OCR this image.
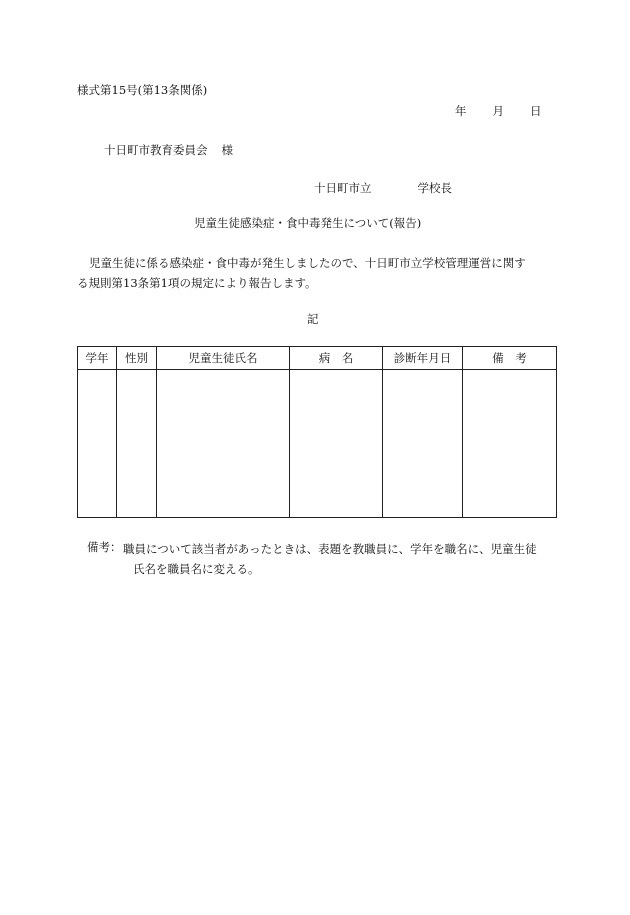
様式第15号(第13条関係)
年 月 日
十日町市教育委員会 様
十日町市立	学校長
児童生徒感染症・食中毒発生について(報告)
児童生徒に係る感染症・食中毒が発生しましたので、十日町市立学校管理運営に関す
る規則第13条第1項の規定により報告します。
記
学年	性別	児童生徒氏名	病　名	診断年月日	備　考

備考： 職員について該当者があったときは、表題を教職員に、学年を職名に、児童生徒
氏名を職員名に変える。
